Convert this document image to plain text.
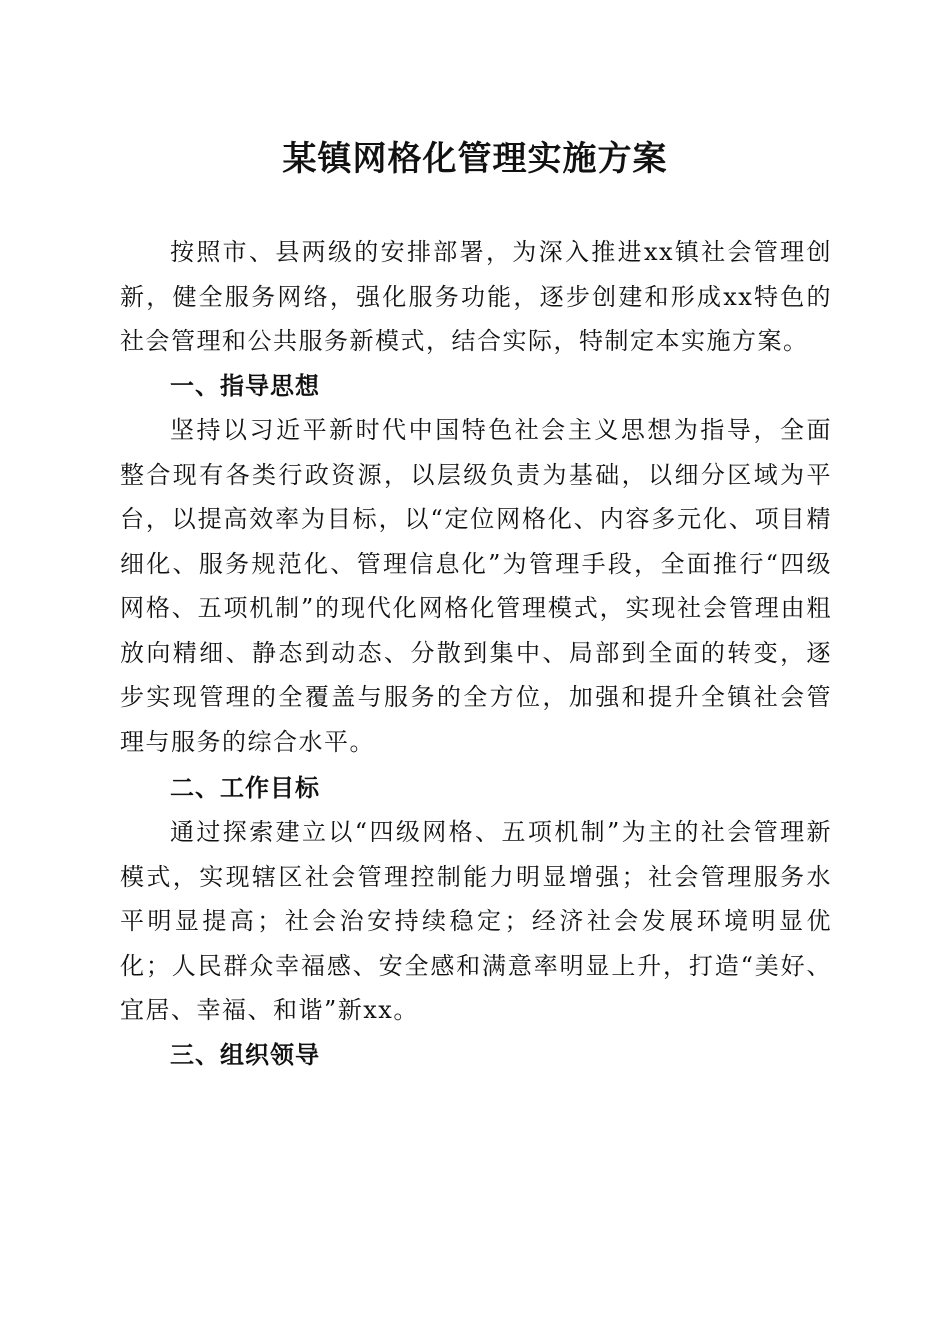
某镇网格化管理实施方案

按照市、县两级的安排部署，为深入推进xx镇社会管理创新，健全服务网络，强化服务功能，逐步创建和形成xx特色的社会管理和公共服务新模式，结合实际，特制定本实施方案。

一、指导思想

坚持以习近平新时代中国特色社会主义思想为指导，全面整合现有各类行政资源，以层级负责为基础，以细分区域为平台，以提高效率为目标，以“定位网格化、内容多元化、项目精细化、服务规范化、管理信息化”为管理手段，全面推行“四级网格、五项机制”的现代化网格化管理模式，实现社会管理由粗放向精细、静态到动态、分散到集中、局部到全面的转变，逐步实现管理的全覆盖与服务的全方位，加强和提升全镇社会管理与服务的综合水平。

二、工作目标

通过探索建立以“四级网格、五项机制”为主的社会管理新模式，实现辖区社会管理控制能力明显增强；社会管理服务水平明显提高；社会治安持续稳定；经济社会发展环境明显优化；人民群众幸福感、安全感和满意率明显上升，打造“美好、宜居、幸福、和谐”新xx。

三、组织领导
